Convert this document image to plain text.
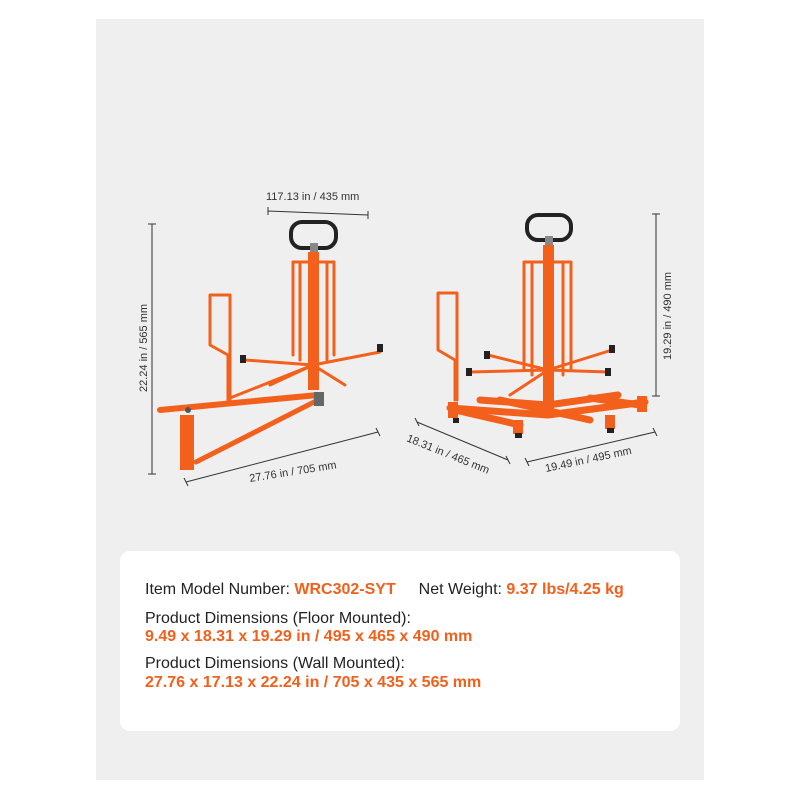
117.13 in / 435 mm
22.24 in / 565 mm
27.76 in / 705 mm
19.29 in / 490 mm
18.31 in / 465 mm	19.49 in / 495 mm
Item Model Number: WRC302-SYT Net Weight: 9.37 lbs/4.25 kg
Product Dimensions (Floor Mounted):
9.49 x 18.31 x 19.29 in / 495 x 465 x 490 mm
Product Dimensions (Wall Mounted):
27.76 x 17.13 x 22.24 in / 705 x 435 x 565 mm
